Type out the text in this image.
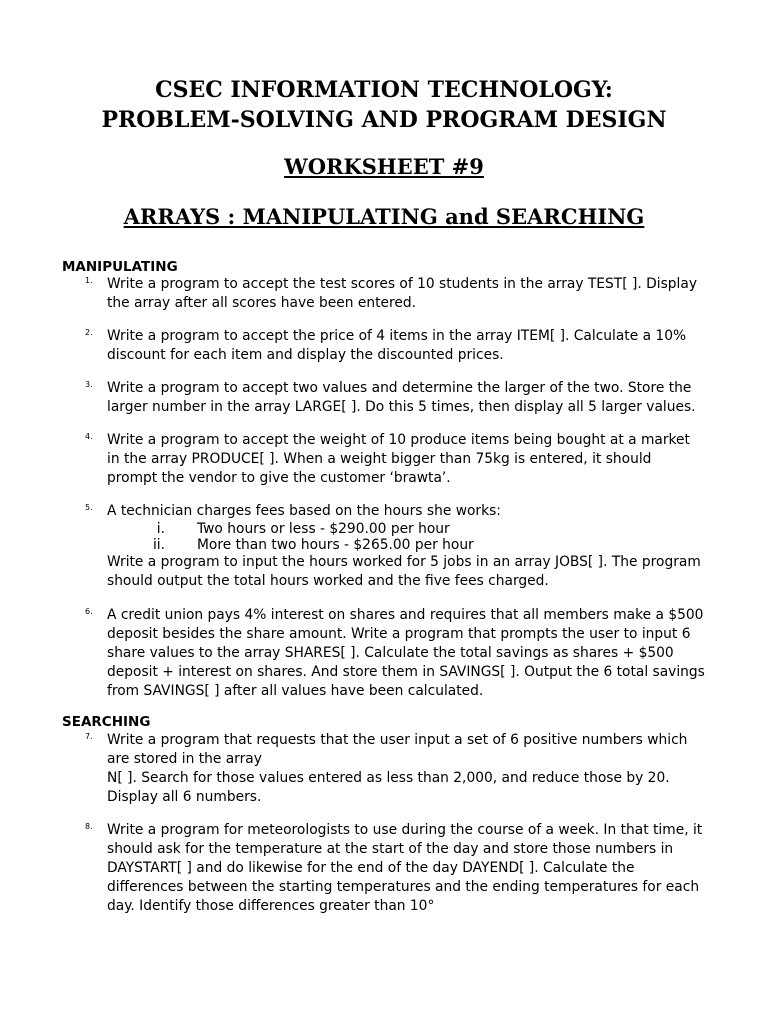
CSEC INFORMATION TECHNOLOGY:
PROBLEM-SOLVING AND PROGRAM DESIGN
WORKSHEET #9
ARRAYS : MANIPULATING and SEARCHING
MANIPULATING
1. Write a program to accept the test scores of 10 students in the array TEST[ ]. Display

the array after all scores have been entered.

2. Write a program to accept the price of 4 items in the array ITEM[ ]. Calculate a 10%

discount for each item and display the discounted prices.

3. Write a program to accept two values and determine the larger of the two. Store the

larger number in the array LARGE[ ]. Do this 5 times, then display all 5 larger values.

4. Write a program to accept the weight of 10 produce items being bought at a market

in the array PRODUCE[ ]. When a weight bigger than 75kg is entered, it should

prompt the vendor to give the customer ‘brawta’.

5. A technician charges fees based on the hours she works:

i.	Two hours or less - $290.00 per hour
ii.	More than two hours - $265.00 per hour

Write a program to input the hours worked for 5 jobs in an array JOBS[ ]. The program

should output the total hours worked and the five fees charged.

6. A credit union pays 4% interest on shares and requires that all members make a $500

deposit besides the share amount. Write a program that prompts the user to input 6

share values to the array SHARES[ ]. Calculate the total savings as shares + $500

deposit + interest on shares. And store them in SAVINGS[ ]. Output the 6 total savings

from SAVINGS[ ] after all values have been calculated.

SEARCHING
7. Write a program that requests that the user input a set of 6 positive numbers which

are stored in the array

N[ ]. Search for those values entered as less than 2,000, and reduce those by 20.

Display all 6 numbers.

8. Write a program for meteorologists to use during the course of a week. In that time, it

should ask for the temperature at the start of the day and store those numbers in

DAYSTART[ ] and do likewise for the end of the day DAYEND[ ]. Calculate the

differences between the starting temperatures and the ending temperatures for each

day. Identify those differences greater than 10°
